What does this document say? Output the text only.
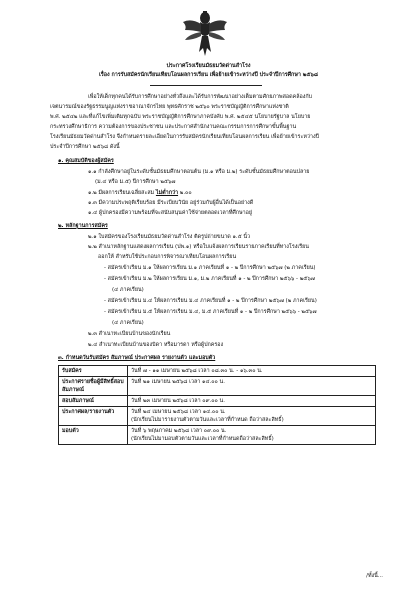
ประกาศโรงเรียนมัธยมวัดด่านสำโรง
เรื่อง การรับสมัครนักเรียนเทียบโอนผลการเรียน เพื่อย้ายเข้าระหว่างปี ประจำปีการศึกษา ๒๕๖๘
เพื่อให้เด็กทุกคนได้รับการศึกษาอย่างทั่วถึงและได้รับการพัฒนาอย่างเต็มตามศักยภาพสอดคล้องกับ
เจตนารมณ์ของรัฐธรรมนูญแห่งราชอาณาจักรไทย พุทธศักราช ๒๕๖๐ พระราชบัญญัติการศึกษาแห่งชาติ
พ.ศ. ๒๕๔๒ และที่แก้ไขเพิ่มเติมทุกฉบับ พระราชบัญญัติการศึกษาภาคบังคับ พ.ศ. ๒๕๔๕ นโยบายรัฐบาล นโยบาย
กระทรวงศึกษาธิการ ความต้องการของประชาชน และประกาศสำนักงานคณะกรรมการการศึกษาขั้นพื้นฐาน
โรงเรียนมัธยมวัดด่านสำโรง จึงกำหนดรายละเอียดในการรับสมัครนักเรียนเทียบโอนผลการเรียน เพื่อย้ายเข้าระหว่างปี
ประจำปีการศึกษา ๒๕๖๘ ดังนี้
๑. คุณสมบัติของผู้สมัคร
๑.๑ กำลังศึกษาอยู่ในระดับชั้นมัธยมศึกษาตอนต้น (ม.๑ หรือ ม.๒) ระดับชั้นมัธยมศึกษาตอนปลาย
(ม.๔ หรือ ม.๕) ปีการศึกษา ๒๕๖๗
๑.๒ มีผลการเรียนเฉลี่ยสะสม ไม่ต่ำกว่า ๒.๐๐
๑.๓ มีความประพฤติเรียบร้อย มีระเบียบวินัย อยู่ร่วมกับผู้อื่นได้เป็นอย่างดี
๑.๔ ผู้ปกครองมีความพร้อมที่จะสนับสนุนค่าใช้จ่ายตลอดเวลาที่ศึกษาอยู่
๒. หลักฐานการสมัคร
๒.๑ ใบสมัครของโรงเรียนมัธยมวัดด่านสำโรง ติดรูปถ่ายขนาด ๑.๕ นิ้ว
๒.๒ สำเนาหลักฐานแสดงผลการเรียน (ปพ.๑) หรือใบแจ้งผลการเรียนรายภาคเรียนที่ทางโรงเรียน
ออกให้ สำหรับใช้ประกอบการพิจารณาเทียบโอนผลการเรียน
- สมัครเข้าเรียน ม.๑ ให้ผลการเรียน ม.๑ ภาคเรียนที่ ๑ - ๒ ปีการศึกษา ๒๕๖๗ (๒ ภาคเรียน)
- สมัครเข้าเรียน ม.๒ ให้ผลการเรียน ม.๑, ม.๒ ภาคเรียนที่ ๑ - ๒ ปีการศึกษา ๒๕๖๖ - ๒๕๖๗
(๔ ภาคเรียน)
- สมัครเข้าเรียน ม.๔ ให้ผลการเรียน ม.๔ ภาคเรียนที่ ๑ - ๒ ปีการศึกษา ๒๕๖๗ (๒ ภาคเรียน)
- สมัครเข้าเรียน ม.๕ ให้ผลการเรียน ม.๔, ม.๕ ภาคเรียนที่ ๑ - ๒ ปีการศึกษา ๒๕๖๖ - ๒๕๖๗
(๔ ภาคเรียน)
๒.๓ สำเนาทะเบียนบ้านของนักเรียน
๒.๔ สำเนาทะเบียนบ้านของบิดา หรือมารดา หรือผู้ปกครอง
๓. กำหนดวันรับสมัคร สัมภาษณ์ ประกาศผล รายงานตัว และมอบตัว
รับสมัคร	วันที่ ๗ - ๑๑ เมษายน ๒๕๖๘ เวลา ๐๘.๓๐ น. - ๑๖.๓๐ น.
ประกาศรายชื่อผู้มีสิทธิ์สอบสัมภาษณ์	วันที่ ๒๑ เมษายน ๒๕๖๘ เวลา ๑๔.๐๐ น.
สอบสัมภาษณ์	วันที่ ๒๓ เมษายน ๒๕๖๘ เวลา ๐๙.๐๐ น.
ประกาศผล/รายงานตัว	วันที่ ๒๔ เมษายน ๒๕๖๘ เวลา ๑๔.๐๐ น.
(นักเรียนไม่มารายงานตัวตามวันและเวลาที่กำหนด ถือว่าสละสิทธิ์)

มอบตัว	วันที่ ๖ พฤษภาคม ๒๕๖๘ เวลา ๐๙.๐๐ น.
(นักเรียนไม่มามอบตัวตามวันและเวลาที่กำหนดถือว่าสละสิทธิ์)
/ทั้งนี้...
